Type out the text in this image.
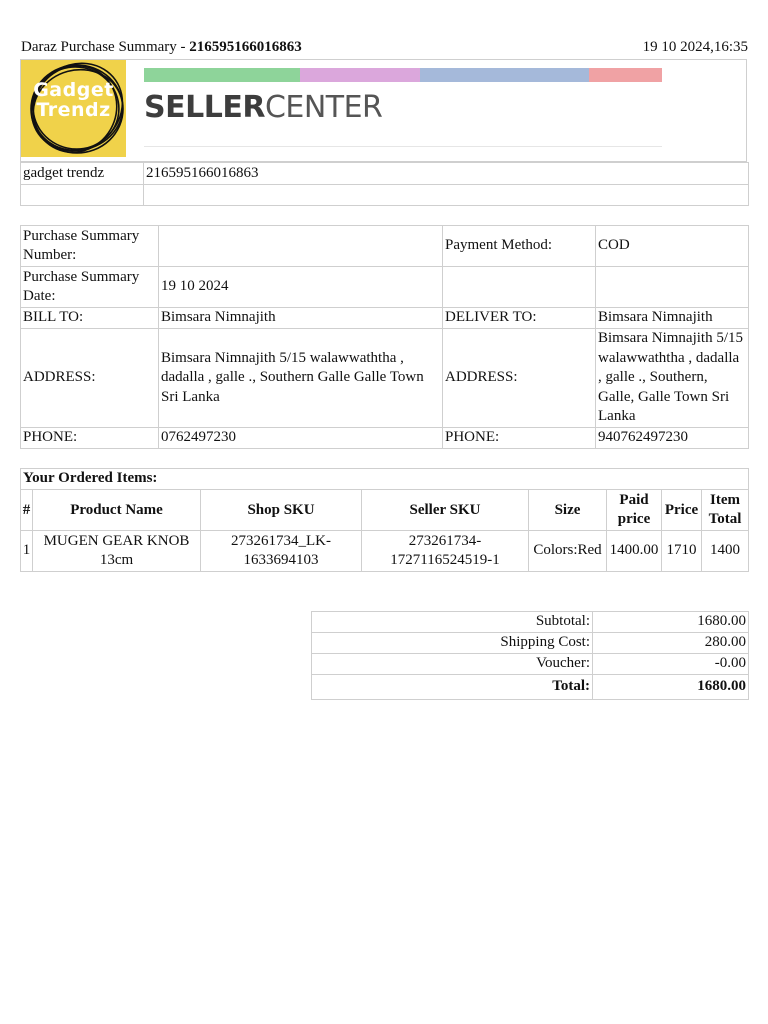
Daraz Purchase Summary - 216595166016863	19 10 2024,16:35
Gadget
Trendz	SELLERCENTER
gadget trendz	216595166016863

Purchase Summary Number:		Payment Method:	COD
Purchase Summary Date:	19 10 2024		
BILL TO:	Bimsara Nimnajith	DELIVER TO:	Bimsara Nimnajith
ADDRESS:	Bimsara Nimnajith 5/15 walawwaththa , dadalla , galle ., Southern Galle Galle Town Sri Lanka	ADDRESS:	Bimsara Nimnajith 5/15 walawwaththa , dadalla , galle ., Southern, Galle, Galle Town Sri Lanka
PHONE:	0762497230	PHONE:	940762497230
Your Ordered Items:							
#	Product Name	Shop SKU	Seller SKU	Size	Paid price	Price	Item Total
1	MUGEN GEAR KNOB 13cm	273261734_LK-1633694103	273261734-1727116524519-1	Colors:Red	1400.00	1710	1400
Subtotal:	1680.00
Shipping Cost:	280.00
Voucher:	-0.00
Total:	1680.00
